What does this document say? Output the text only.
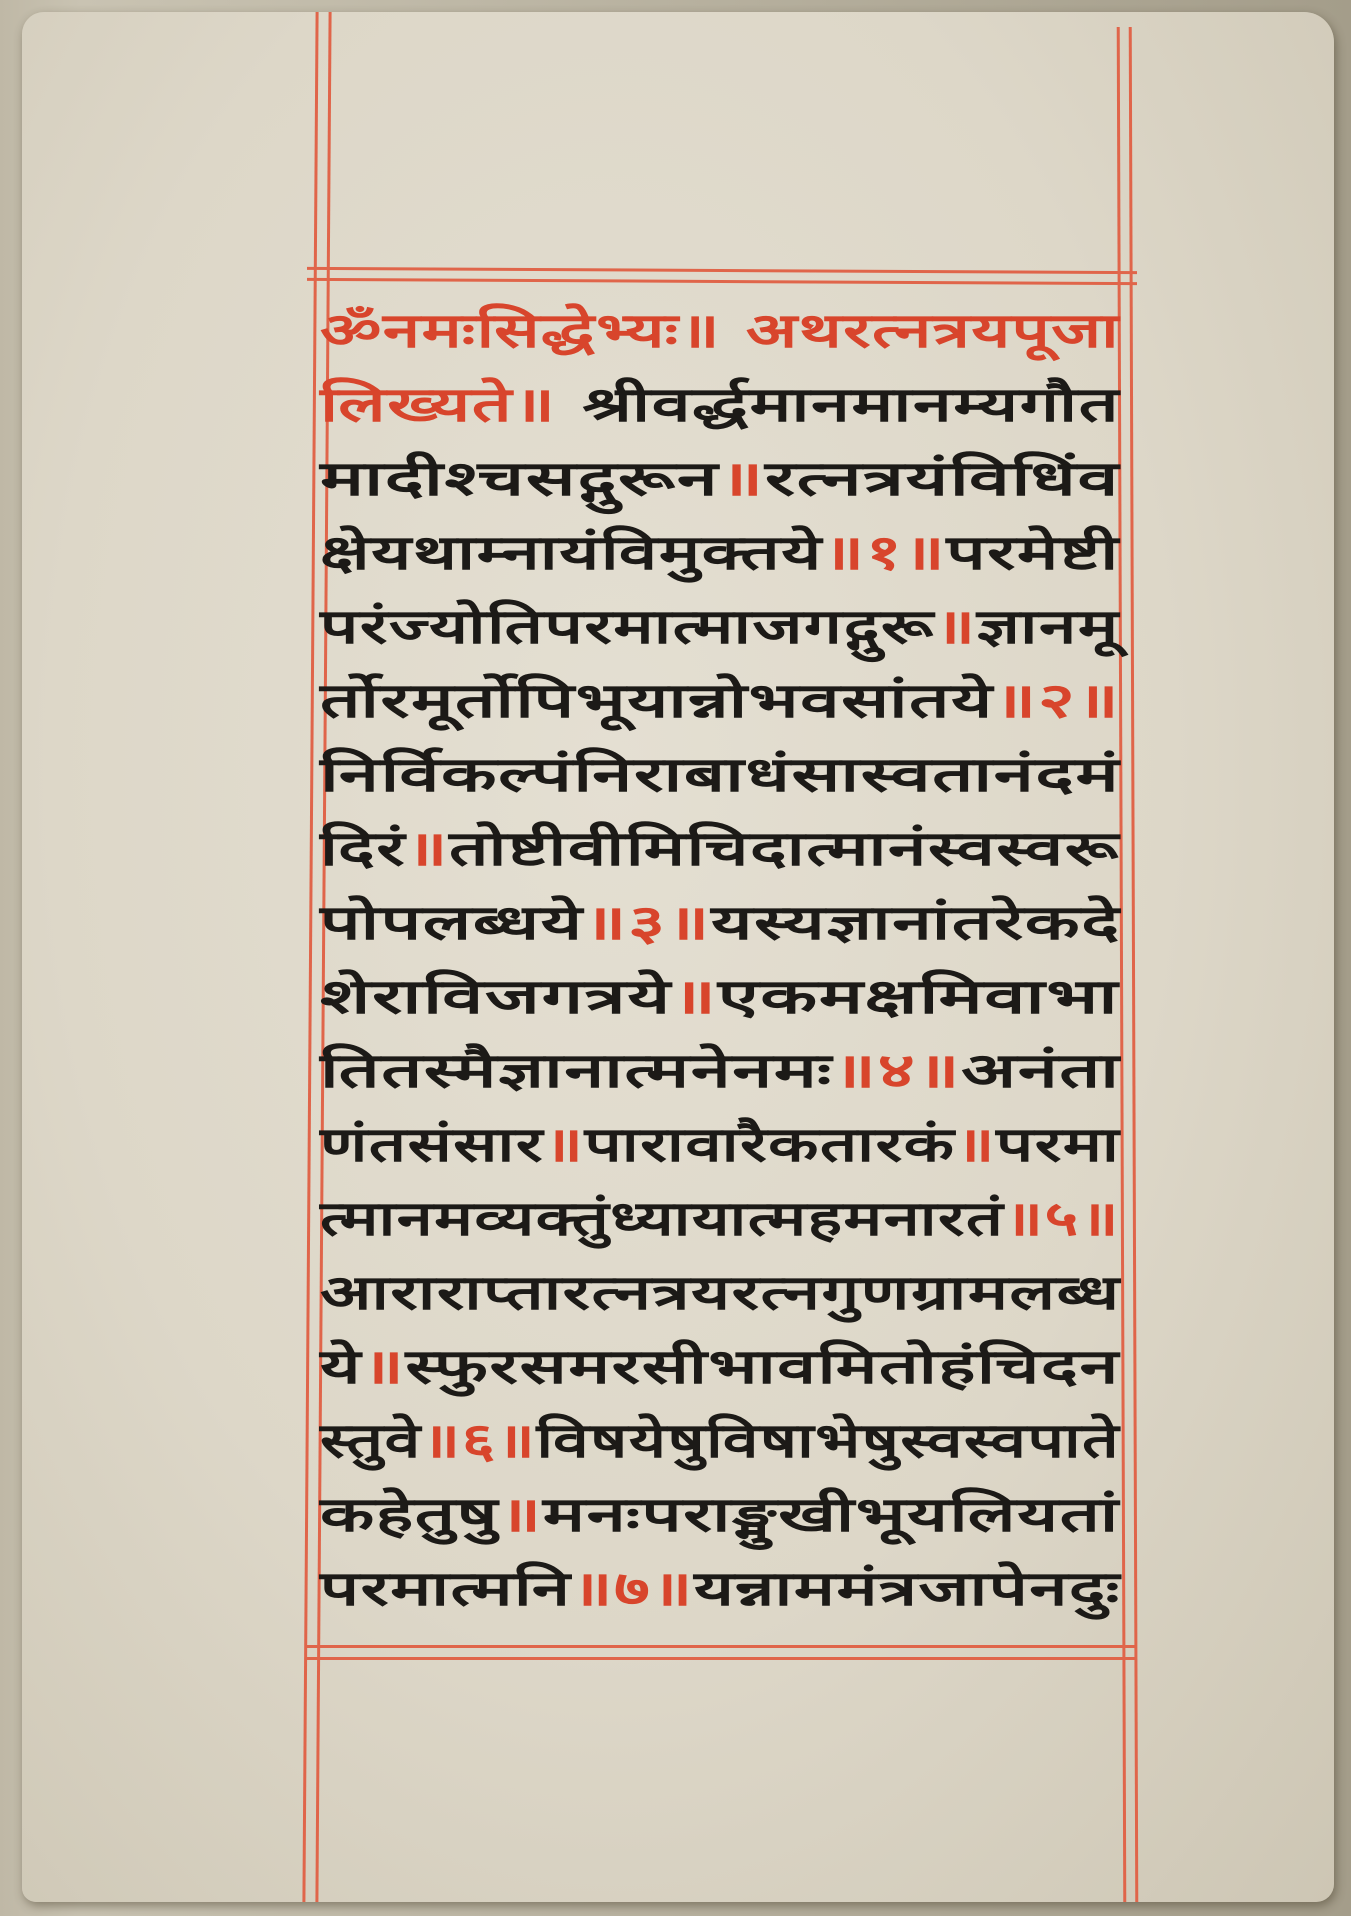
ॐनमःसिद्धेभ्यः॥ अथरत्नत्रयपूजा
लिख्यते॥ श्रीवर्द्धमानमानम्यगौत
मादीश्चसद्गुरून॥रत्नत्रयंविधिंव
क्षेयथाम्नायंविमुक्तये॥१॥परमेष्टी
परंज्योतिपरमात्माजगद्गुरू॥ज्ञानमू
र्तोरमूर्तोपिभूयान्नोभवसांतये॥२॥
निर्विकल्पंनिराबाधंसास्वतानंदमं
दिरं॥तोष्टीवीमिचिदात्मानंस्वस्वरू
पोपलब्धये॥३॥यस्यज्ञानांतरेकदे
शेराविजगत्रये॥एकमक्षमिवाभा
तितस्मैज्ञानात्मनेनमः॥४॥अनंता
णंतसंसार॥पारावारैकतारकं॥परमा
त्मानमव्यक्तुंध्यायात्महमनारतं॥५॥
आराराप्तारत्नत्रयरत्नगुणग्रामलब्ध
ये॥स्फुरसमरसीभावमितोहंचिदन
स्तुवे॥६॥विषयेषुविषाभेषुस्वस्वपाते
कहेतुषु॥मनःपराङ्मुखीभूयलियतां
परमात्मनि॥७॥यन्नाममंत्रजापेनदुः
